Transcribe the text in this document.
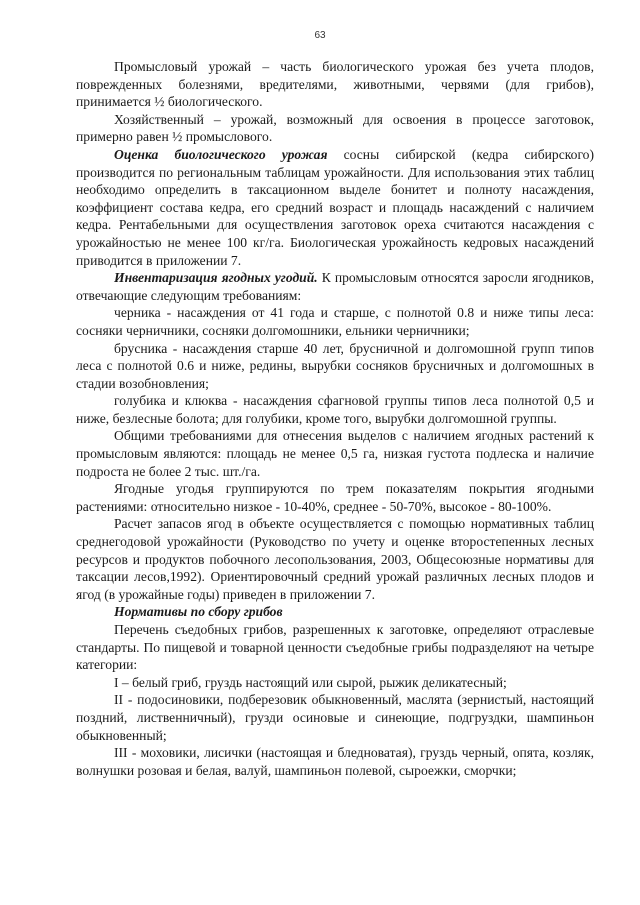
63

Промысловый урожай – часть биологического урожая без учета плодов, поврежденных болезнями, вредителями, животными, червями (для грибов), принимается ½ биологического.

Хозяйственный – урожай, возможный для освоения в процессе заготовок, примерно равен ½ промыслового.

Оценка биологического урожая сосны сибирской (кедра сибирского) производится по региональным таблицам урожайности. Для использования этих таблиц необходимо определить в таксационном выделе бонитет и полноту насаждения, коэффициент состава кедра, его средний возраст и площадь насаждений с наличием кедра. Рентабельными для осуществления заготовок ореха считаются насаждения с урожайностью не менее 100 кг/га. Биологическая урожайность кедровых насаждений приводится в приложении 7.

Инвентаризация ягодных угодий. К промысловым относятся заросли ягодников, отвечающие следующим требованиям:

черника - насаждения от 41 года и старше, с полнотой 0.8 и ниже типы леса: сосняки черничники, сосняки долгомошники, ельники черничники;

брусника - насаждения старше 40 лет, брусничной и долгомошной групп типов леса с полнотой 0.6 и ниже, редины, вырубки сосняков брусничных и долгомошных в стадии возобновления;

голубика и клюква - насаждения сфагновой группы типов леса полнотой 0,5 и ниже, безлесные болота; для голубики, кроме того, вырубки долгомошной группы.

Общими требованиями для отнесения выделов с наличием ягодных растений к промысловым являются: площадь не менее 0,5 га, низкая густота подлеска и наличие подроста не более 2 тыс. шт./га.

Ягодные угодья группируются по трем показателям покрытия ягодными растениями: относительно низкое - 10-40%, среднее - 50-70%, высокое - 80-100%.

Расчет запасов ягод в объекте осуществляется с помощью нормативных таблиц среднегодовой урожайности (Руководство по учету и оценке второстепенных лесных ресурсов и продуктов побочного лесопользования, 2003, Общесоюзные нормативы для таксации лесов,1992). Ориентировочный средний урожай различных лесных плодов и ягод (в урожайные годы) приведен в приложении 7.

Нормативы по сбору грибов

Перечень съедобных грибов, разрешенных к заготовке, определяют отраслевые стандарты. По пищевой и товарной ценности съедобные грибы подразделяют на четыре категории:

I – белый гриб, груздь настоящий или сырой, рыжик деликатесный;

II - подосиновики, подберезовик обыкновенный, маслята (зернистый, настоящий поздний, лиственничный), грузди осиновые и синеющие, подгруздки, шампиньон обыкновенный;

III - моховики, лисички (настоящая и бледноватая), груздь черный, опята, козляк, волнушки розовая и белая, валуй, шампиньон полевой, сыроежки, сморчки;
